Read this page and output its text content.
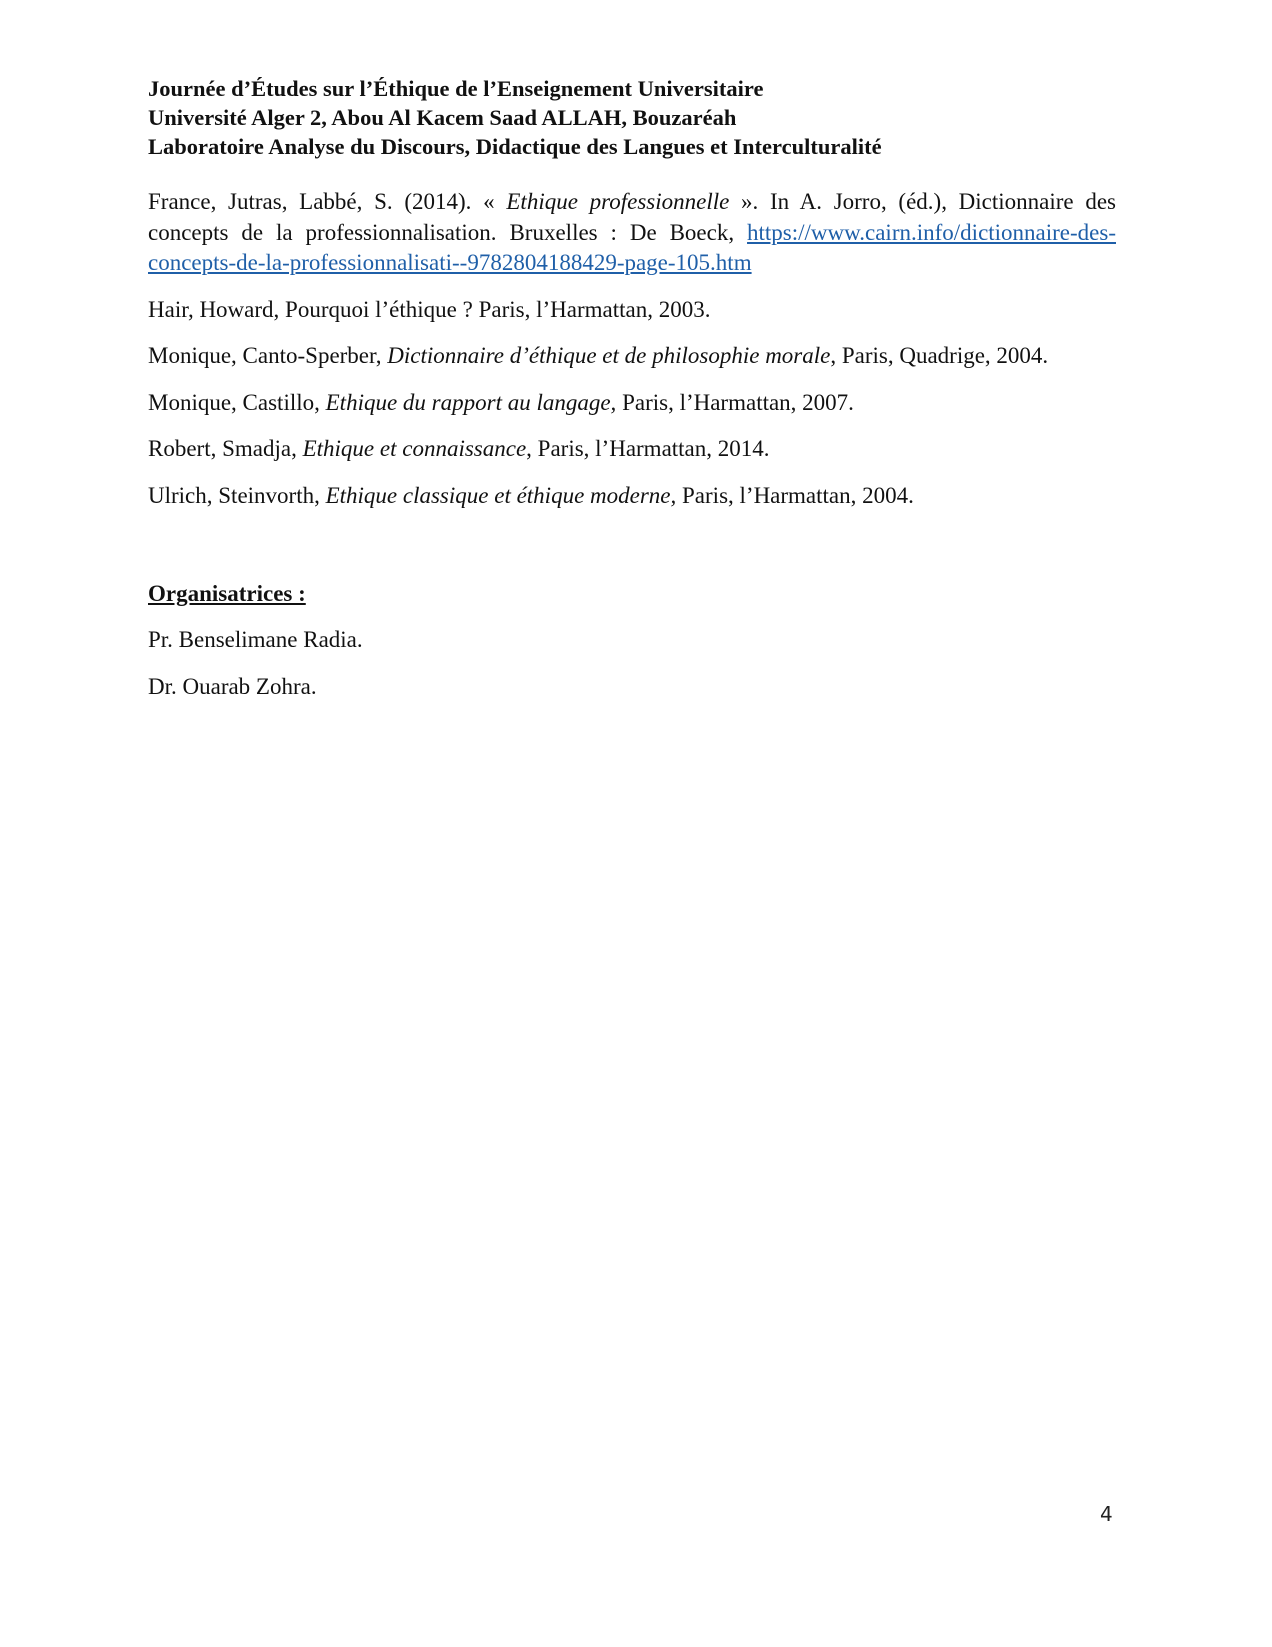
Journée d’Études sur l’Éthique de l’Enseignement Universitaire
Université Alger 2, Abou Al Kacem Saad ALLAH, Bouzaréah
Laboratoire Analyse du Discours, Didactique des Langues et Interculturalité

France, Jutras, Labbé, S. (2014). « Ethique professionnelle ». In A. Jorro, (éd.), Dictionnaire des concepts de la professionnalisation. Bruxelles : De Boeck, https://www.cairn.info/dictionnaire-des-concepts-de-la-professionnalisati--9782804188429-page-105.htm

Hair, Howard, Pourquoi l’éthique ? Paris, l’Harmattan, 2003.

Monique, Canto-Sperber, Dictionnaire d’éthique et de philosophie morale, Paris, Quadrige, 2004.

Monique, Castillo, Ethique du rapport au langage, Paris, l’Harmattan, 2007.

Robert, Smadja, Ethique et connaissance, Paris, l’Harmattan, 2014.

Ulrich, Steinvorth, Ethique classique et éthique moderne, Paris, l’Harmattan, 2004.

Organisatrices :
Pr. Benselimane Radia.
Dr. Ouarab Zohra.
4
